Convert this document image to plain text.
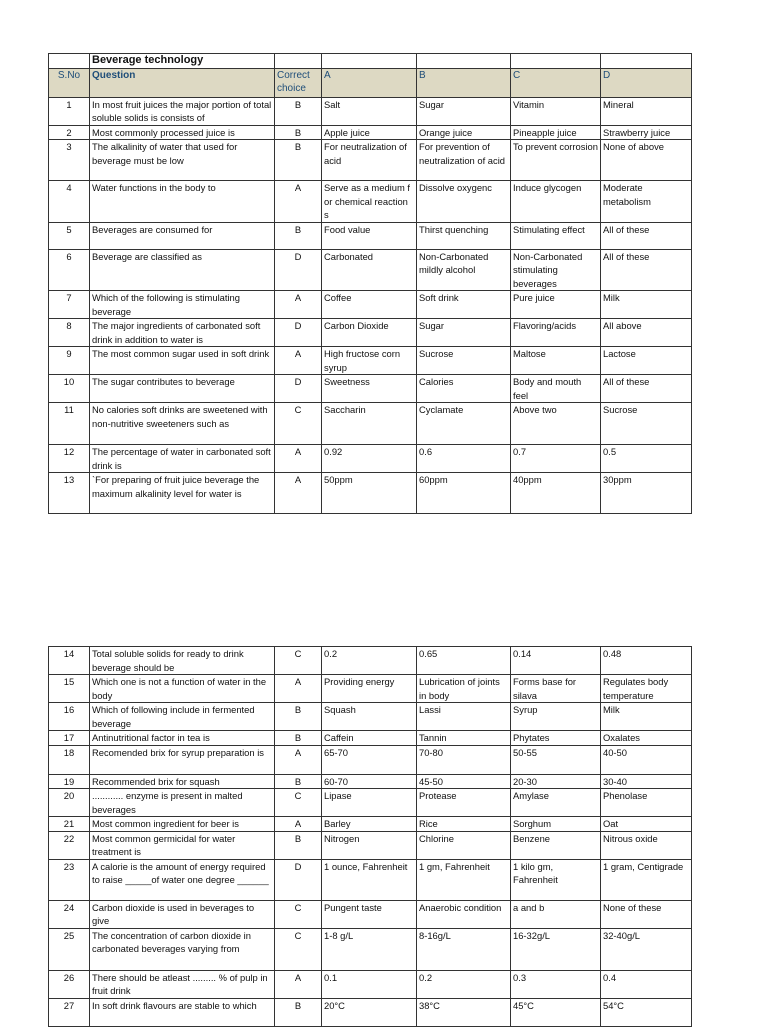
	Beverage technology					
S.No	Question	Correct choice	A	B	C	D
1	In most fruit juices the major portion of total soluble solids is consists of	B	Salt	Sugar	Vitamin	Mineral
2	Most commonly processed juice is	B	Apple juice	Orange juice	Pineapple juice	Strawberry juice
3	The alkalinity of water that used for beverage must be low	B	For neutralization of acid	For prevention of neutralization of acid	To prevent corrosion	None of above
4	Water functions in the body to	A	Serve as a medium f or chemical reaction s	Dissolve oxygenc	Induce glycogen	Moderate metabolism
5	Beverages are consumed for	B	Food value	Thirst quenching	Stimulating effect	All of these
6	Beverage are classified as	D	Carbonated	Non-Carbonated mildly alcohol	Non-Carbonated stimulating beverages	All of these
7	Which of the following is stimulating beverage	A	Coffee	Soft drink	Pure juice	Milk
8	The major ingredients of carbonated soft drink in addition to water is	D	Carbon Dioxide	Sugar	Flavoring/acids	All above
9	The most common sugar used in soft drink	A	High fructose corn syrup	Sucrose	Maltose	Lactose
10	The sugar contributes to beverage	D	Sweetness	Calories	Body and mouth feel	All of these
11	No calories soft drinks are sweetened with non-nutritive sweeteners such as	C	Saccharin	Cyclamate	Above two	Sucrose
12	The percentage of water in carbonated soft drink is	A	0.92	0.6	0.7	0.5
13	`For preparing of fruit juice beverage the maximum alkalinity level for water is	A	50ppm	60ppm	40ppm	30ppm
14	Total soluble solids for ready to drink beverage should be	C	0.2	0.65	0.14	0.48
15	Which one is not a function of water in the body	A	Providing energy	Lubrication of joints in body	Forms base for silava	Regulates body temperature
16	Which of following include in fermented beverage	B	Squash	Lassi	Syrup	Milk
17	Antinutritional factor in tea is	B	Caffein	Tannin	Phytates	Oxalates
18	Recomended brix for syrup preparation is	A	65-70	70-80	50-55	40-50
19	Recommended brix for squash	B	60-70	45-50	20-30	30-40
20	............ enzyme is present in malted beverages	C	Lipase	Protease	Amylase	Phenolase
21	Most common ingredient for beer is	A	Barley	Rice	Sorghum	Oat
22	Most common germicidal for water treatment is	B	Nitrogen	Chlorine	Benzene	Nitrous oxide
23	A calorie is the amount of energy required to raise _____of water one degree ______	D	1 ounce, Fahrenheit	1 gm, Fahrenheit	1 kilo gm, Fahrenheit	1 gram, Centigrade
24	Carbon dioxide is used in beverages to give	C	Pungent taste	Anaerobic condition	a and b	None of these
25	The concentration of carbon dioxide in carbonated beverages varying from	C	1-8 g/L	8-16g/L	16-32g/L	32-40g/L
26	There should be atleast ......... % of pulp in fruit drink	A	0.1	0.2	0.3	0.4
27	In soft drink flavours are stable to which	B	20°C	38°C	45°C	54°C
